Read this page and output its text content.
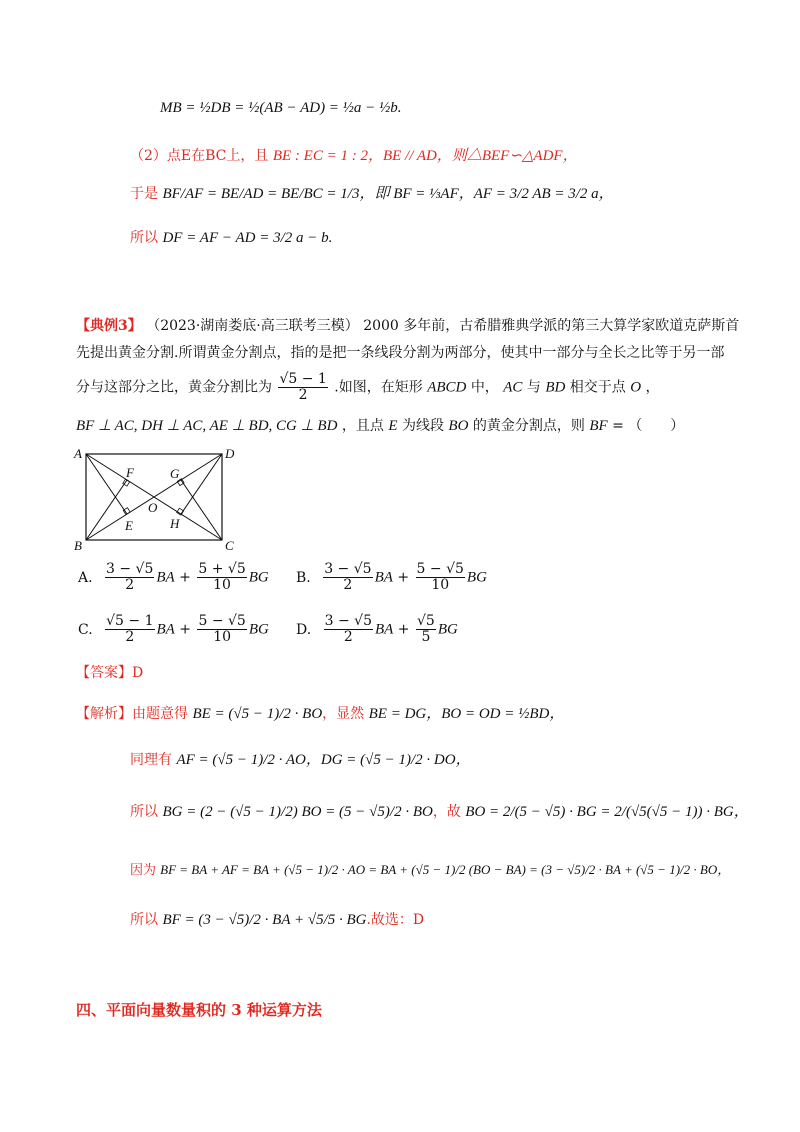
MB = ½DB = ½(AB − AD) = ½a − ½b.
（2）点E在BC上，且 BE : EC = 1 : 2，BE // AD，则△BEF∽△ADF，
于是 BF/AF = BE/AD = BE/BC = 1/3，即 BF = ⅓AF，AF = 3/2 AB = 3/2 a，
所以 DF = AF − AD = 3/2 a − b.
【典例3】 （2023·湖南娄底·高三联考三模） 2000 多年前，古希腊雅典学派的第三大算学家欧道克萨斯首
先提出黄金分割.所谓黄金分割点，指的是把一条线段分割为两部分，使其中一部分与全长之比等于另一部
分与这部分之比，黄金分割比为 $\frac{√5 - 1}{2}$ .如图，在矩形 ABCD 中， AC 与 BD 相交于点 O ，
BF ⊥ AC, DH ⊥ AC, AE ⊥ BD, CG ⊥ BD ，且点 E 为线段 BO 的黄金分割点，则 BF = （　　）
A
B	C
D
E
F	G
H
O
A. $\frac{3 - √5}{2}$ BA + $\frac{5 + √5}{10}$ BG B. $\frac{3 - √5}{2}$ BA + $\frac{5 - √5}{10}$ BG
C. $\frac{√5 - 1}{2}$ BA + $\frac{5 - √5}{10}$ BG D. $\frac{3 - √5}{2}$ BA + $\frac{√5}{5}$ BG
【答案】D
【解析】由题意得 BE = (√5 − 1)/2 · BO，显然 BE = DG，BO = OD = ½BD，
同理有 AF = (√5 − 1)/2 · AO，DG = (√5 − 1)/2 · DO，
所以 BG = (2 − (√5 − 1)/2) BO = (5 − √5)/2 · BO，故 BO = 2/(5 − √5) · BG = 2/(√5(√5 − 1)) · BG，
因为 BF = BA + AF = BA + (√5 − 1)/2 · AO = BA + (√5 − 1)/2 (BO − BA) = (3 − √5)/2 · BA + (√5 − 1)/2 · BO，
所以 BF = (3 − √5)/2 · BA + √5/5 · BG.故选：D
四、平面向量数量积的 3 种运算方法
